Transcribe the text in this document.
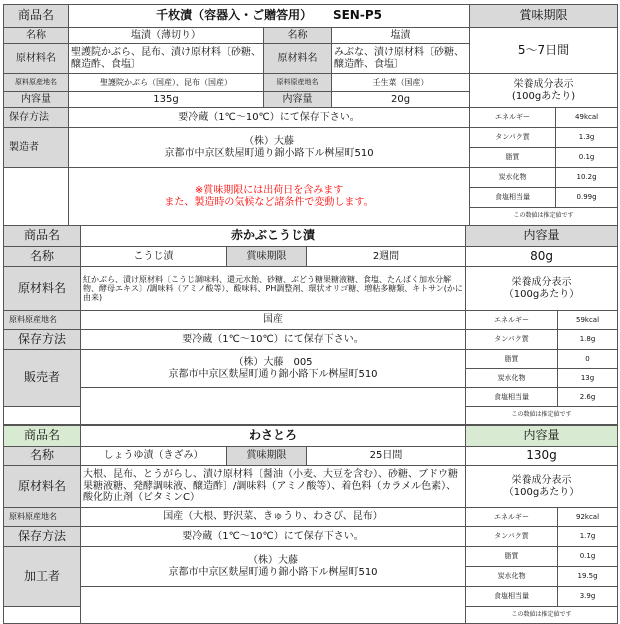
商品名	千枚漬（容器入・ご贈答用） SEN-P5			賞味期限	
名称	塩漬（薄切り）	名称	塩漬	5〜7日間	
原材料名	聖護院かぶら、昆布、漬け原材料〔砂糖、醸造酢、食塩〕	原材料名	みぶな、漬け原材料〔砂糖、醸造酢、食塩〕		
原料原産地名	聖護院かぶら（国産）、昆布（国産）	原料原産地名	壬生菜（国産）	栄養成分表示
(100gあたり)	

内容量	135g	内容量	20g		
保存方法	要冷蔵（1℃〜10℃）にて保存下さい。			エネルギー	49kcal
製造者	（株）大藤
京都市中京区麩屋町通り錦小路下ル桝屋町510			タンパク質	1.3g
				脂質	0.1g

	※賞味期限には出荷日を含みます
また、製造時の気候など諸条件で変動します。			炭水化物	10.2g
				食塩相当量	0.99g
				この数値は推定値です	
商品名	赤かぶこうじ漬			内容量	
名称	こうじ漬	賞味期限	2週間	80g	
原材料名	紅かぶら、漬け原材料〔こうじ調味料、還元水飴、砂糖、ぶどう糖果糖液糖、食塩、たんぱく加水分解物、酵母エキス〕/調味料（アミノ酸等）、酸味料、PH調整剤、環状オリゴ糖、増粘多糖類、キトサン(かに由来)			栄養成分表示
（100gあたり）	

原料原産地名	国産			エネルギー	59kcal
保存方法	要冷蔵（1℃〜10℃）にて保存下さい。			タンパク質	1.8g
販売者	（株）大藤　005
京都市中京区麩屋町通り錦小路下ル桝屋町510			脂質	0
				炭水化物	13g
				食塩相当量	2.6g
				この数値は推定値です	
商品名	わさとろ			内容量	
名称	しょうゆ漬（きざみ）	賞味期限	25日間	130g	
原材料名	大根、昆布、とうがらし、漬け原材料〔醤油（小麦、大豆を含む）、砂糖、ブドウ糖果糖液糖、発酵調味液、醸造酢〕/調味料（アミノ酸等）、着色料（カラメル色素）、酸化防止剤（ビタミンC）			栄養成分表示
（100gあたり）	

原料原産地名	国産（大根、野沢菜、きゅうり、わさび、昆布）			エネルギー	92kcal
保存方法	要冷蔵（1℃〜10℃）にて保存下さい。			タンパク質	1.7g
加工者	（株）大藤
京都市中京区麩屋町通り錦小路下ル桝屋町510			脂質	0.1g
				炭水化物	19.5g
				食塩相当量	3.9g
				この数値は推定値です	
